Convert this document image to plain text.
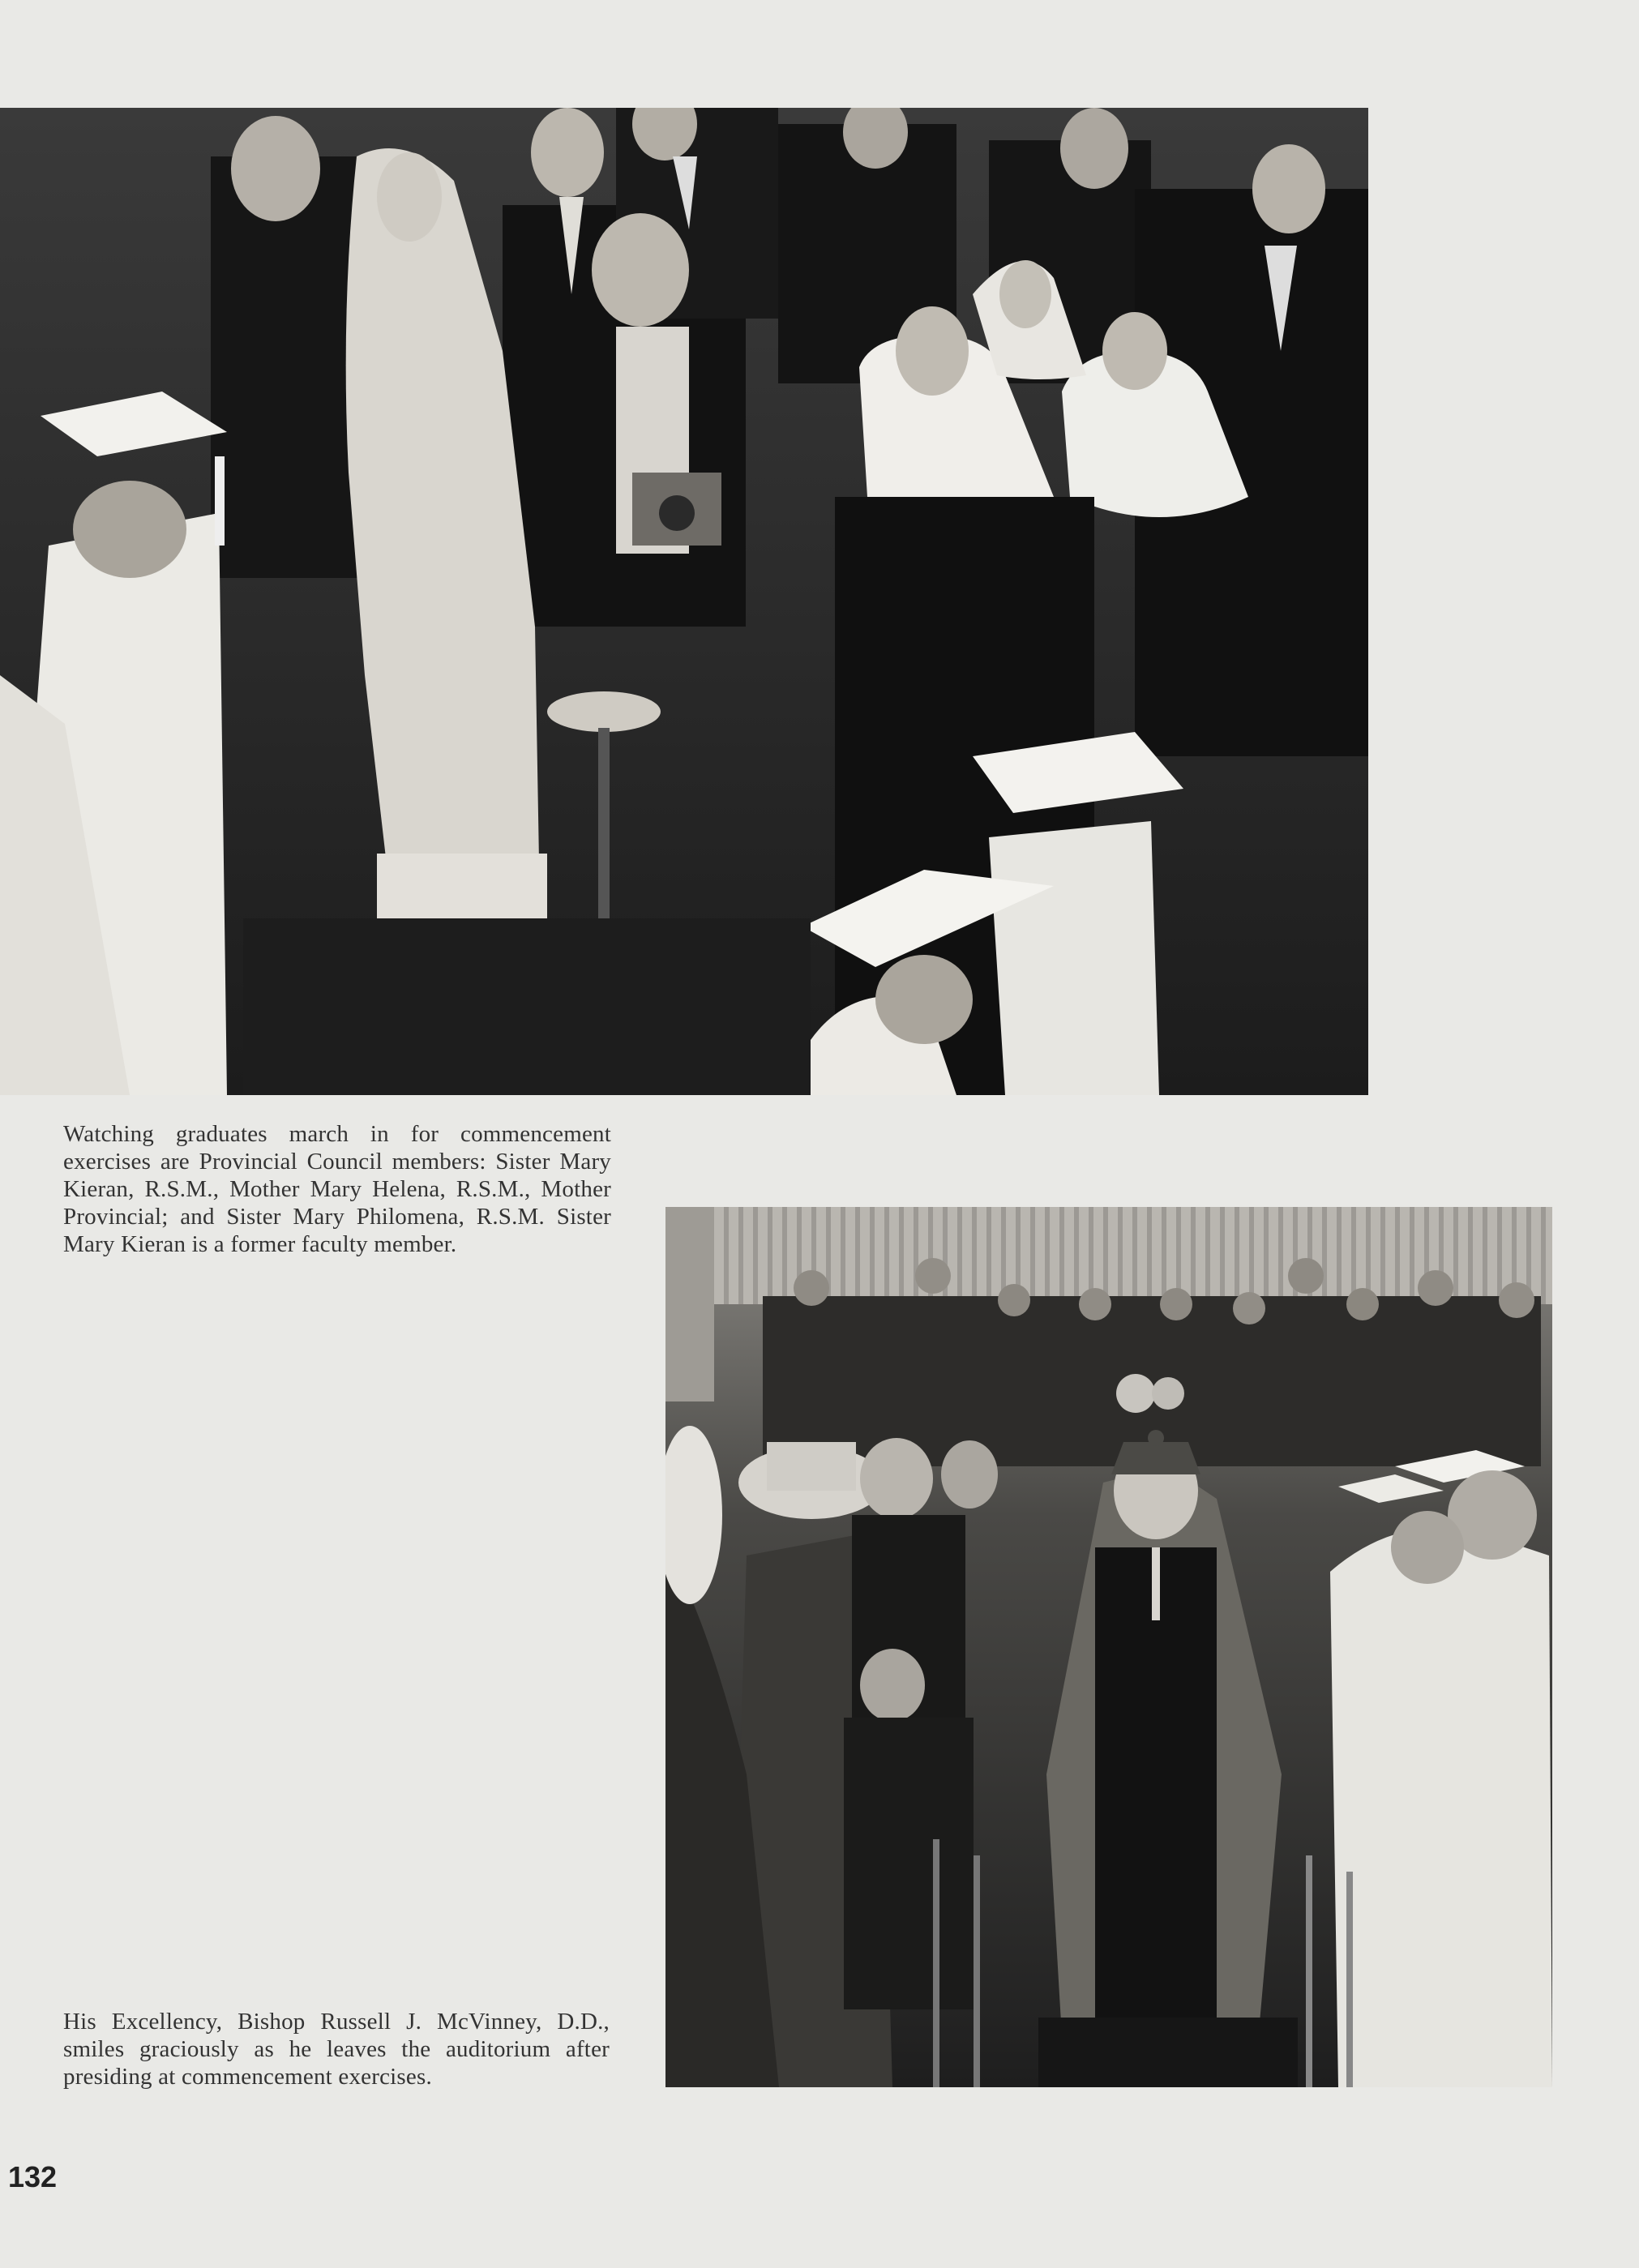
Watching graduates march in for commencement exercises are Provincial Council members: Sister Mary Kieran, R.S.M., Mother Mary Helena, R.S.M., Mother Provincial; and Sister Mary Philomena, R.S.M. Sister Mary Kieran is a former faculty member.
His Excellency, Bishop Russell J. McVinney, D.D., smiles graciously as he leaves the auditorium after presiding at commencement exercises.
132
